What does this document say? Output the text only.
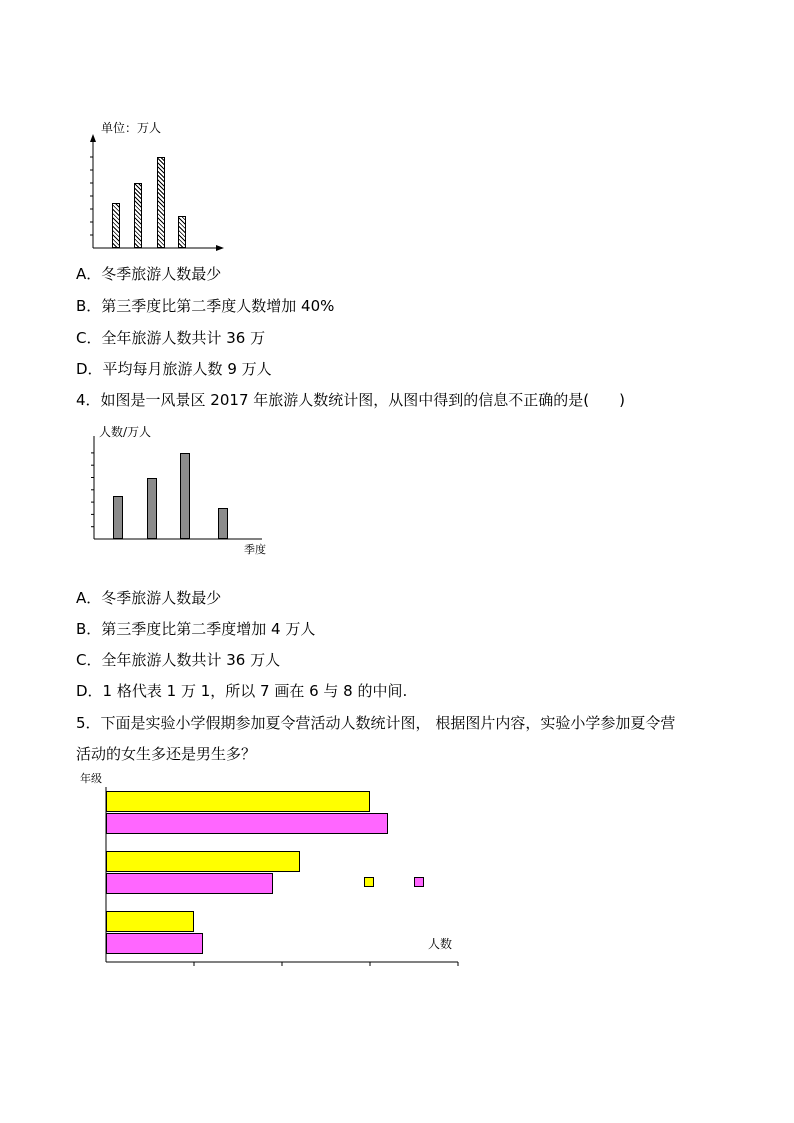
单位：万人
A．冬季旅游人数最少
B．第三季度比第二季度人数增加 40%
C．全年旅游人数共计 36 万
D．平均每月旅游人数 9 万人
4．如图是一风景区 2017 年旅游人数统计图，从图中得到的信息不正确的是(　　)
人数/万人
季度
A．冬季旅游人数最少
B．第三季度比第二季度增加 4 万人
C．全年旅游人数共计 36 万人
D．1 格代表 1 万 1，所以 7 画在 6 与 8 的中间.
5．下面是实验小学假期参加夏令营活动人数统计图， 根据图片内容，实验小学参加夏令营
活动的女生多还是男生多？
年级
人数
